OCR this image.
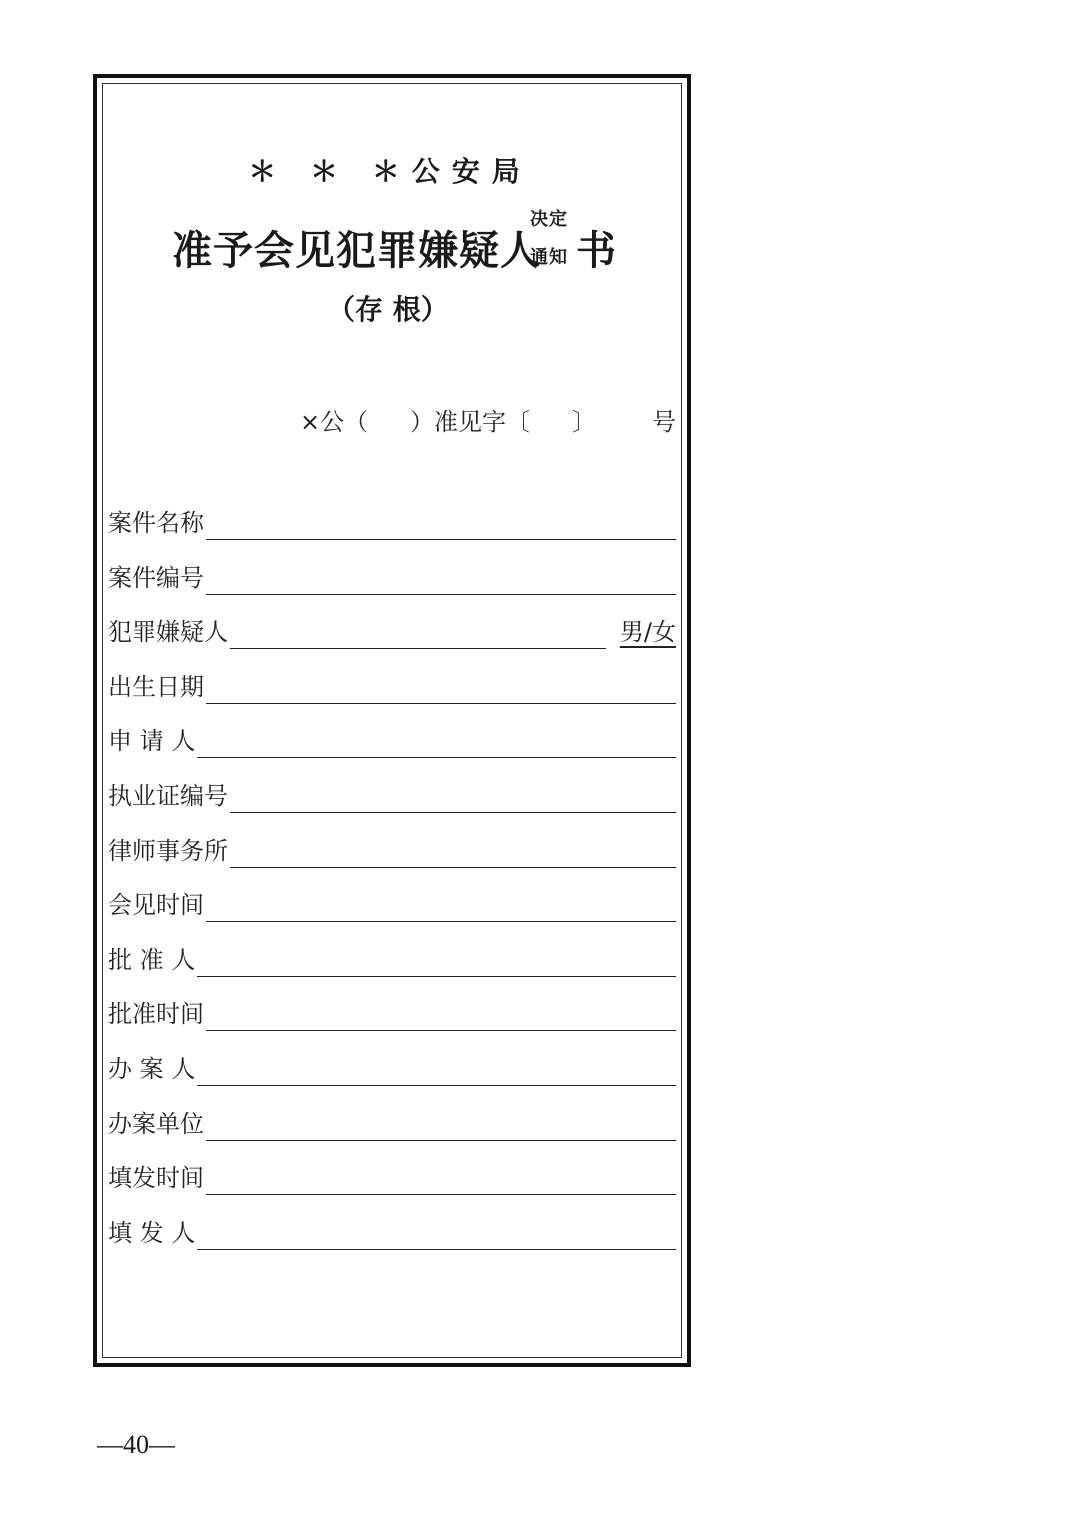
＊ ＊ ＊公安局
准予会见犯罪嫌疑人
决定
通知 书
（存 根）
×公（ ）准见字〔 〕 号
案件名称
案件编号
犯罪嫌疑人	男/女
出生日期
申 请 人
执业证编号
律师事务所
会见时间
批 准 人
批准时间
办 案 人
办案单位
填发时间
填 发 人
—40—
